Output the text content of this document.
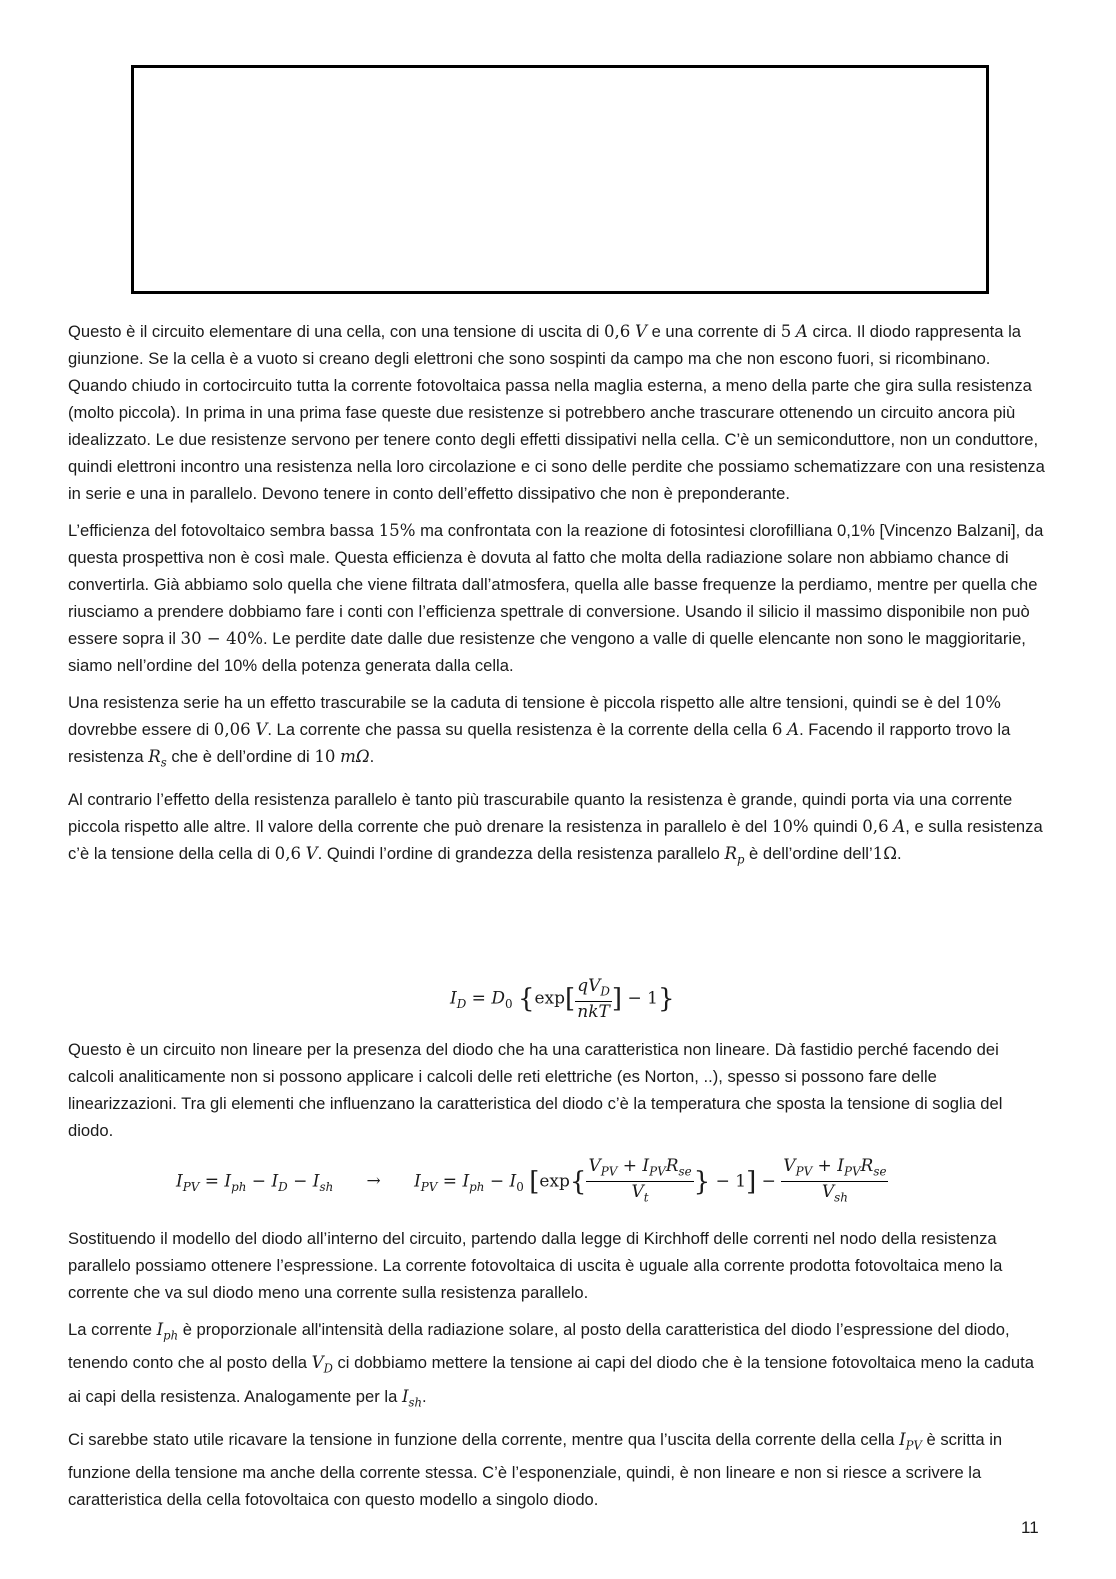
Questo è il circuito elementare di una cella, con una tensione di uscita di 0,6 V e una corrente di 5 A circa. Il diodo rappresenta la giunzione. Se la cella è a vuoto si creano degli elettroni che sono sospinti da campo ma che non escono fuori, si ricombinano. Quando chiudo in cortocircuito tutta la corrente fotovoltaica passa nella maglia esterna, a meno della parte che gira sulla resistenza (molto piccola). In prima in una prima fase queste due resistenze si potrebbero anche trascurare ottenendo un circuito ancora più idealizzato. Le due resistenze servono per tenere conto degli effetti dissipativi nella cella. C’è un semiconduttore, non un conduttore, quindi elettroni incontro una resistenza nella loro circolazione e ci sono delle perdite che possiamo schematizzare con una resistenza in serie e una in parallelo. Devono tenere in conto dell’effetto dissipativo che non è preponderante.

L’efficienza del fotovoltaico sembra bassa 15% ma confrontata con la reazione di fotosintesi clorofilliana 0,1% [Vincenzo Balzani], da questa prospettiva non è così male. Questa efficienza è dovuta al fatto che molta della radiazione solare non abbiamo chance di convertirla. Già abbiamo solo quella che viene filtrata dall’atmosfera, quella alle basse frequenze la perdiamo, mentre per quella che riusciamo a prendere dobbiamo fare i conti con l’efficienza spettrale di conversione. Usando il silicio il massimo disponibile non può essere sopra il 30 − 40%. Le perdite date dalle due resistenze che vengono a valle di quelle elencante non sono le maggioritarie, siamo nell’ordine del 10% della potenza generata dalla cella.

Una resistenza serie ha un effetto trascurabile se la caduta di tensione è piccola rispetto alle altre tensioni, quindi se è del 10% dovrebbe essere di 0,06 V. La corrente che passa su quella resistenza è la corrente della cella 6 A. Facendo il rapporto trovo la resistenza $R_s$ che è dell’ordine di 10 mΩ.

Al contrario l’effetto della resistenza parallelo è tanto più trascurabile quanto la resistenza è grande, quindi porta via una corrente piccola rispetto alle altre. Il valore della corrente che può drenare la resistenza in parallelo è del 10% quindi 0,6 A, e sulla resistenza c’è la tensione della cella di 0,6 V. Quindi l’ordine di grandezza della resistenza parallelo $R_p$ è dell’ordine dell’1Ω.

$I_D = D_0$ {$\exp[ \frac{qV_D}{\text{nkT}}$ ] − 1}

Questo è un circuito non lineare per la presenza del diodo che ha una caratteristica non lineare. Dà fastidio perché facendo dei calcoli analiticamente non si possono applicare i calcoli delle reti elettriche (es Norton, ..), spesso si possono fare delle linearizzazioni. Tra gli elementi che influenzano la caratteristica del diodo c’è la temperatura che sposta la tensione di soglia del diodo.

$I_{PV} = I_{ph} - I_D - I_{sh} \to I_{PV} = I_{ph} - I_0$ [$\exp\{ \frac{V_{PV} + I_{PV}R_{se}}{V_t}$ } − $1] - \frac{V_{PV} + I_{PV}R_{se}}{V_{sh}}$

Sostituendo il modello del diodo all’interno del circuito, partendo dalla legge di Kirchhoff delle correnti nel nodo della resistenza parallelo possiamo ottenere l’espressione. La corrente fotovoltaica di uscita è uguale alla corrente prodotta fotovoltaica meno la corrente che va sul diodo meno una corrente sulla resistenza parallelo.

La corrente $I_{ph}$ è proporzionale all'intensità della radiazione solare, al posto della caratteristica del diodo l’espressione del diodo, tenendo conto che al posto della $V_D$ ci dobbiamo mettere la tensione ai capi del diodo che è la tensione fotovoltaica meno la caduta ai capi della resistenza. Analogamente per la $I_{sh}$.

Ci sarebbe stato utile ricavare la tensione in funzione della corrente, mentre qua l’uscita della corrente della cella $I_{PV}$ è scritta in funzione della tensione ma anche della corrente stessa. C’è l’esponenziale, quindi, è non lineare e non si riesce a scrivere la caratteristica della cella fotovoltaica con questo modello a singolo diodo.

11
